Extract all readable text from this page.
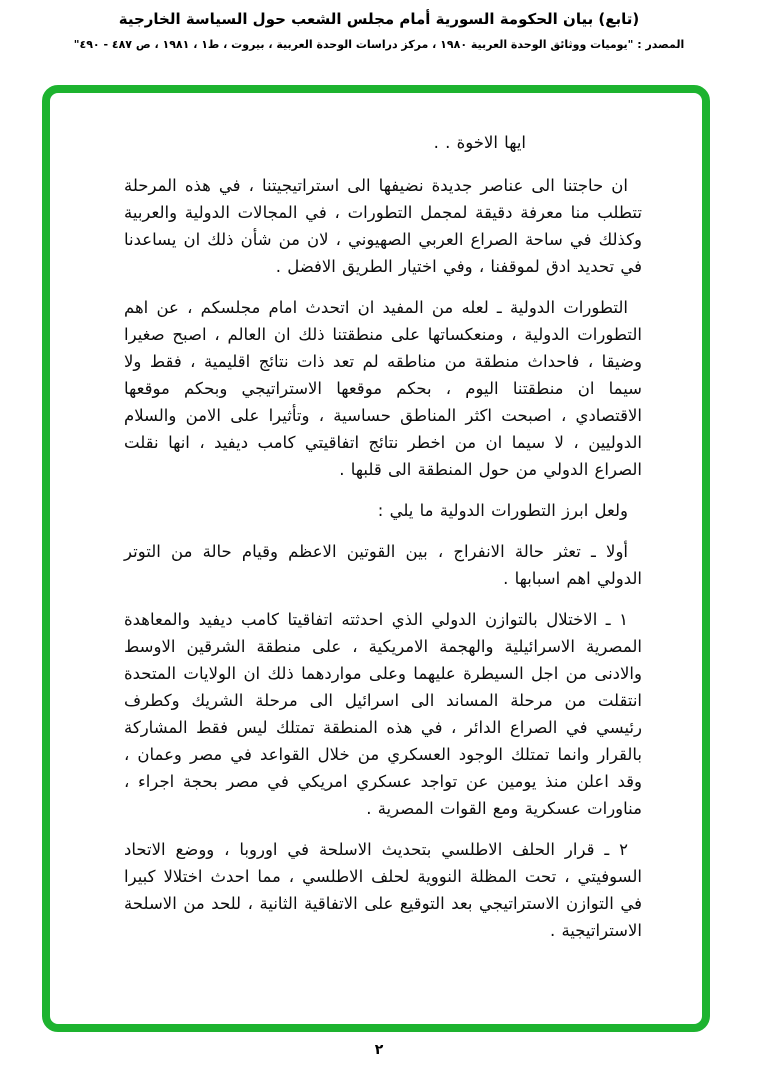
(تابع) بيان الحكومة السورية أمام مجلس الشعب حول السياسة الخارجية
المصدر : "يوميات ووثائق الوحدة العربية ١٩٨٠ ، مركز دراسات الوحدة العربية ، بيروت ، ط١ ، ١٩٨١ ، ص ٤٨٧ - ٤٩٠"
ايها الاخوة . .

ان حاجتنا الى عناصر جديدة نضيفها الى استراتيجيتنا ، في هذه المرحلة تتطلب منا معرفة دقيقة لمجمل التطورات ، في المجالات الدولية والعربية وكذلك في ساحة الصراع العربي الصهيوني ، لان من شأن ذلك ان يساعدنا في تحديد ادق لموقفنا ، وفي اختيار الطريق الافضل .

التطورات الدولية ـ لعله من المفيد ان اتحدث امام مجلسكم ، عن اهم التطورات الدولية ، ومنعكساتها على منطقتنا ذلك ان العالم ، اصبح صغيرا وضيقا ، فاحداث منطقة من مناطقه لم تعد ذات نتائج اقليمية ، فقط ولا سيما ان منطقتنا اليوم ، بحكم موقعها الاستراتيجي وبحكم موقعها الاقتصادي ، اصبحت اكثر المناطق حساسية ، وتأثيرا على الامن والسلام الدوليين ، لا سيما ان من اخطر نتائج اتفاقيتي كامب ديفيد ، انها نقلت الصراع الدولي من حول المنطقة الى قلبها .

ولعل ابرز التطورات الدولية ما يلي :

أولا ـ تعثر حالة الانفراج ، بين القوتين الاعظم وقيام حالة من التوتر الدولي اهم اسبابها .

١ ـ الاختلال بالتوازن الدولي الذي احدثته اتفاقيتا كامب ديفيد والمعاهدة المصرية الاسرائيلية والهجمة الامريكية ، على منطقة الشرقين الاوسط والادنى من اجل السيطرة عليهما وعلى مواردهما ذلك ان الولايات المتحدة انتقلت من مرحلة المساند الى اسرائيل الى مرحلة الشريك وكطرف رئيسي في الصراع الدائر ، في هذه المنطقة تمتلك ليس فقط المشاركة بالقرار وانما تمتلك الوجود العسكري من خلال القواعد في مصر وعمان ، وقد اعلن منذ يومين عن تواجد عسكري امريكي في مصر بحجة اجراء ، مناورات عسكرية ومع القوات المصرية .

٢ ـ قرار الحلف الاطلسي بتحديث الاسلحة في اوروبا ، ووضع الاتحاد السوفيتي ، تحت المظلة النووية لحلف الاطلسي ، مما احدث اختلالا كبيرا في التوازن الاستراتيجي بعد التوقيع على الاتفاقية الثانية ، للحد من الاسلحة الاستراتيجية .

٢
